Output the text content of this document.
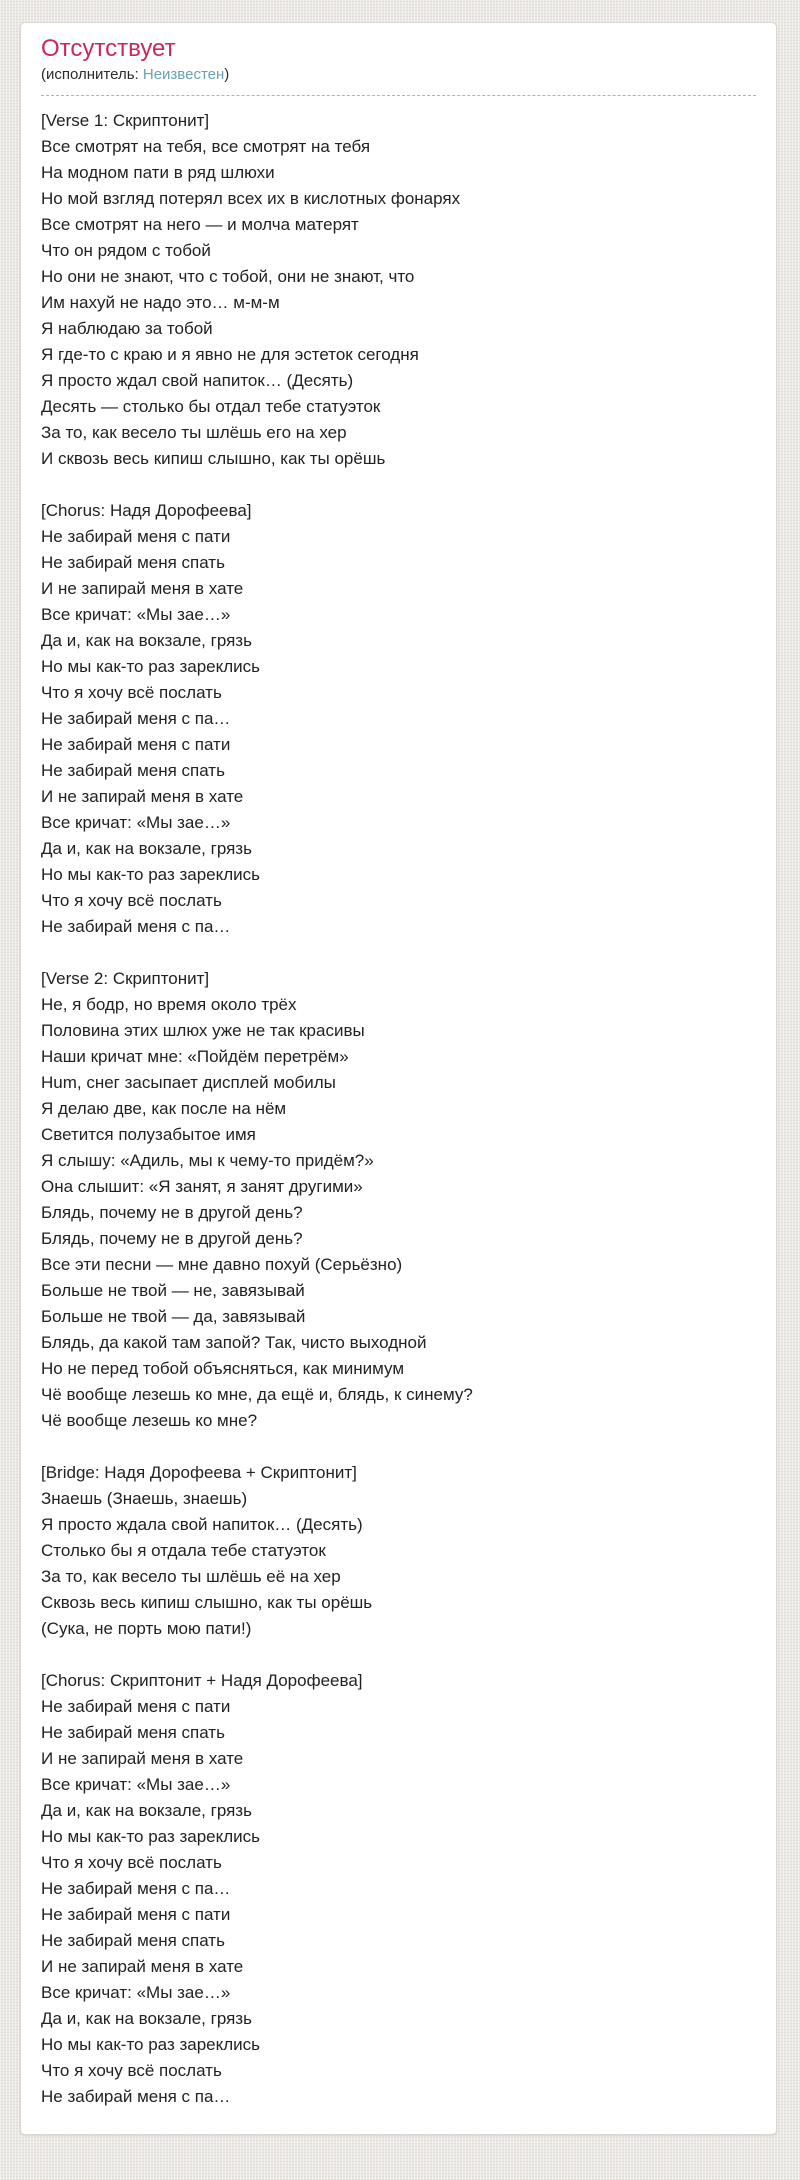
Отсутствует
(исполнитель: Неизвестен)
[Verse 1: Скриптонит]
Все смотрят на тебя, все смотрят на тебя
На модном пати в ряд шлюхи
Но мой взгляд потерял всех их в кислотных фонарях
Все смотрят на него — и молча матерят
Что он рядом с тобой
Но они не знают, что с тобой, они не знают, что
Им нахуй не надо это… м-м-м
Я наблюдаю за тобой
Я где-то с краю и я явно не для эстеток сегодня
Я просто ждал свой напиток… (Десять)
Десять — столько бы отдал тебе статуэток
За то, как весело ты шлёшь его на хер
И сквозь весь кипиш слышно, как ты орёшь
[Chorus: Надя Дорофеева]
Не забирай меня с пати
Не забирай меня спать
И не запирай меня в хате
Все кричат: «Мы зае…»
Да и, как на вокзале, грязь
Но мы как-то раз зареклись
Что я хочу всё послать
Не забирай меня с па…
Не забирай меня с пати
Не забирай меня спать
И не запирай меня в хате
Все кричат: «Мы зае…»
Да и, как на вокзале, грязь
Но мы как-то раз зареклись
Что я хочу всё послать
Не забирай меня с па…
[Verse 2: Скриптонит]
Не, я бодр, но время около трёх
Половина этих шлюх уже не так красивы
Наши кричат мне: «Пойдём перетрём»
Hum, снег засыпает дисплей мобилы
Я делаю две, как после на нём
Светится полузабытое имя
Я слышу: «Адиль, мы к чему-то придём?»
Она слышит: «Я занят, я занят другими»
Блядь, почему не в другой день?
Блядь, почему не в другой день?
Все эти песни — мне давно похуй (Серьёзно)
Больше не твой — не, завязывай
Больше не твой — да, завязывай
Блядь, да какой там запой? Так, чисто выходной
Но не перед тобой объясняться, как минимум
Чё вообще лезешь ко мне, да ещё и, блядь, к синему?
Чё вообще лезешь ко мне?
[Bridge: Надя Дорофеева + Скриптонит]
Знаешь (Знаешь, знаешь)
Я просто ждала свой напиток… (Десять)
Столько бы я отдала тебе статуэток
За то, как весело ты шлёшь её на хер
Сквозь весь кипиш слышно, как ты орёшь
(Сука, не порть мою пати!)
[Chorus: Скриптонит + Надя Дорофеева]
Не забирай меня с пати
Не забирай меня спать
И не запирай меня в хате
Все кричат: «Мы зае…»
Да и, как на вокзале, грязь
Но мы как-то раз зареклись
Что я хочу всё послать
Не забирай меня с па…
Не забирай меня с пати
Не забирай меня спать
И не запирай меня в хате
Все кричат: «Мы зае…»
Да и, как на вокзале, грязь
Но мы как-то раз зареклись
Что я хочу всё послать
Не забирай меня с па…
